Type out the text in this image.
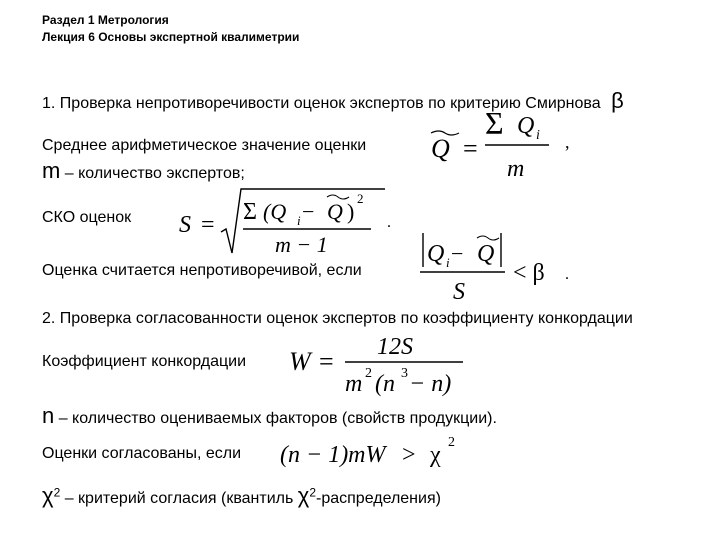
Раздел 1 Метрология
Лекция 6 Основы экспертной квалиметрии
1. Проверка непротиворечивости оценок экспертов по критерию Смирнова β
Среднее арифметическое значение оценки
m – количество экспертов;
Q =
Σ Q i
m
,
СКО оценок S = Σ (Q i − Q )
2
m − 1
.
Оценка считается непротиворечивой, если
Q i − Q
S
< β .
2. Проверка согласованности оценок экспертов по коэффициенту конкордации
Коэффициент конкордации W = 12S
m 2 (n 3 − n)
n – количество оцениваемых факторов (свойств продукции).
Оценки согласованы, если (n − 1)mW > χ 2
$\chi^2$ – критерий согласия (квантиль $\chi^2-распределения$)
